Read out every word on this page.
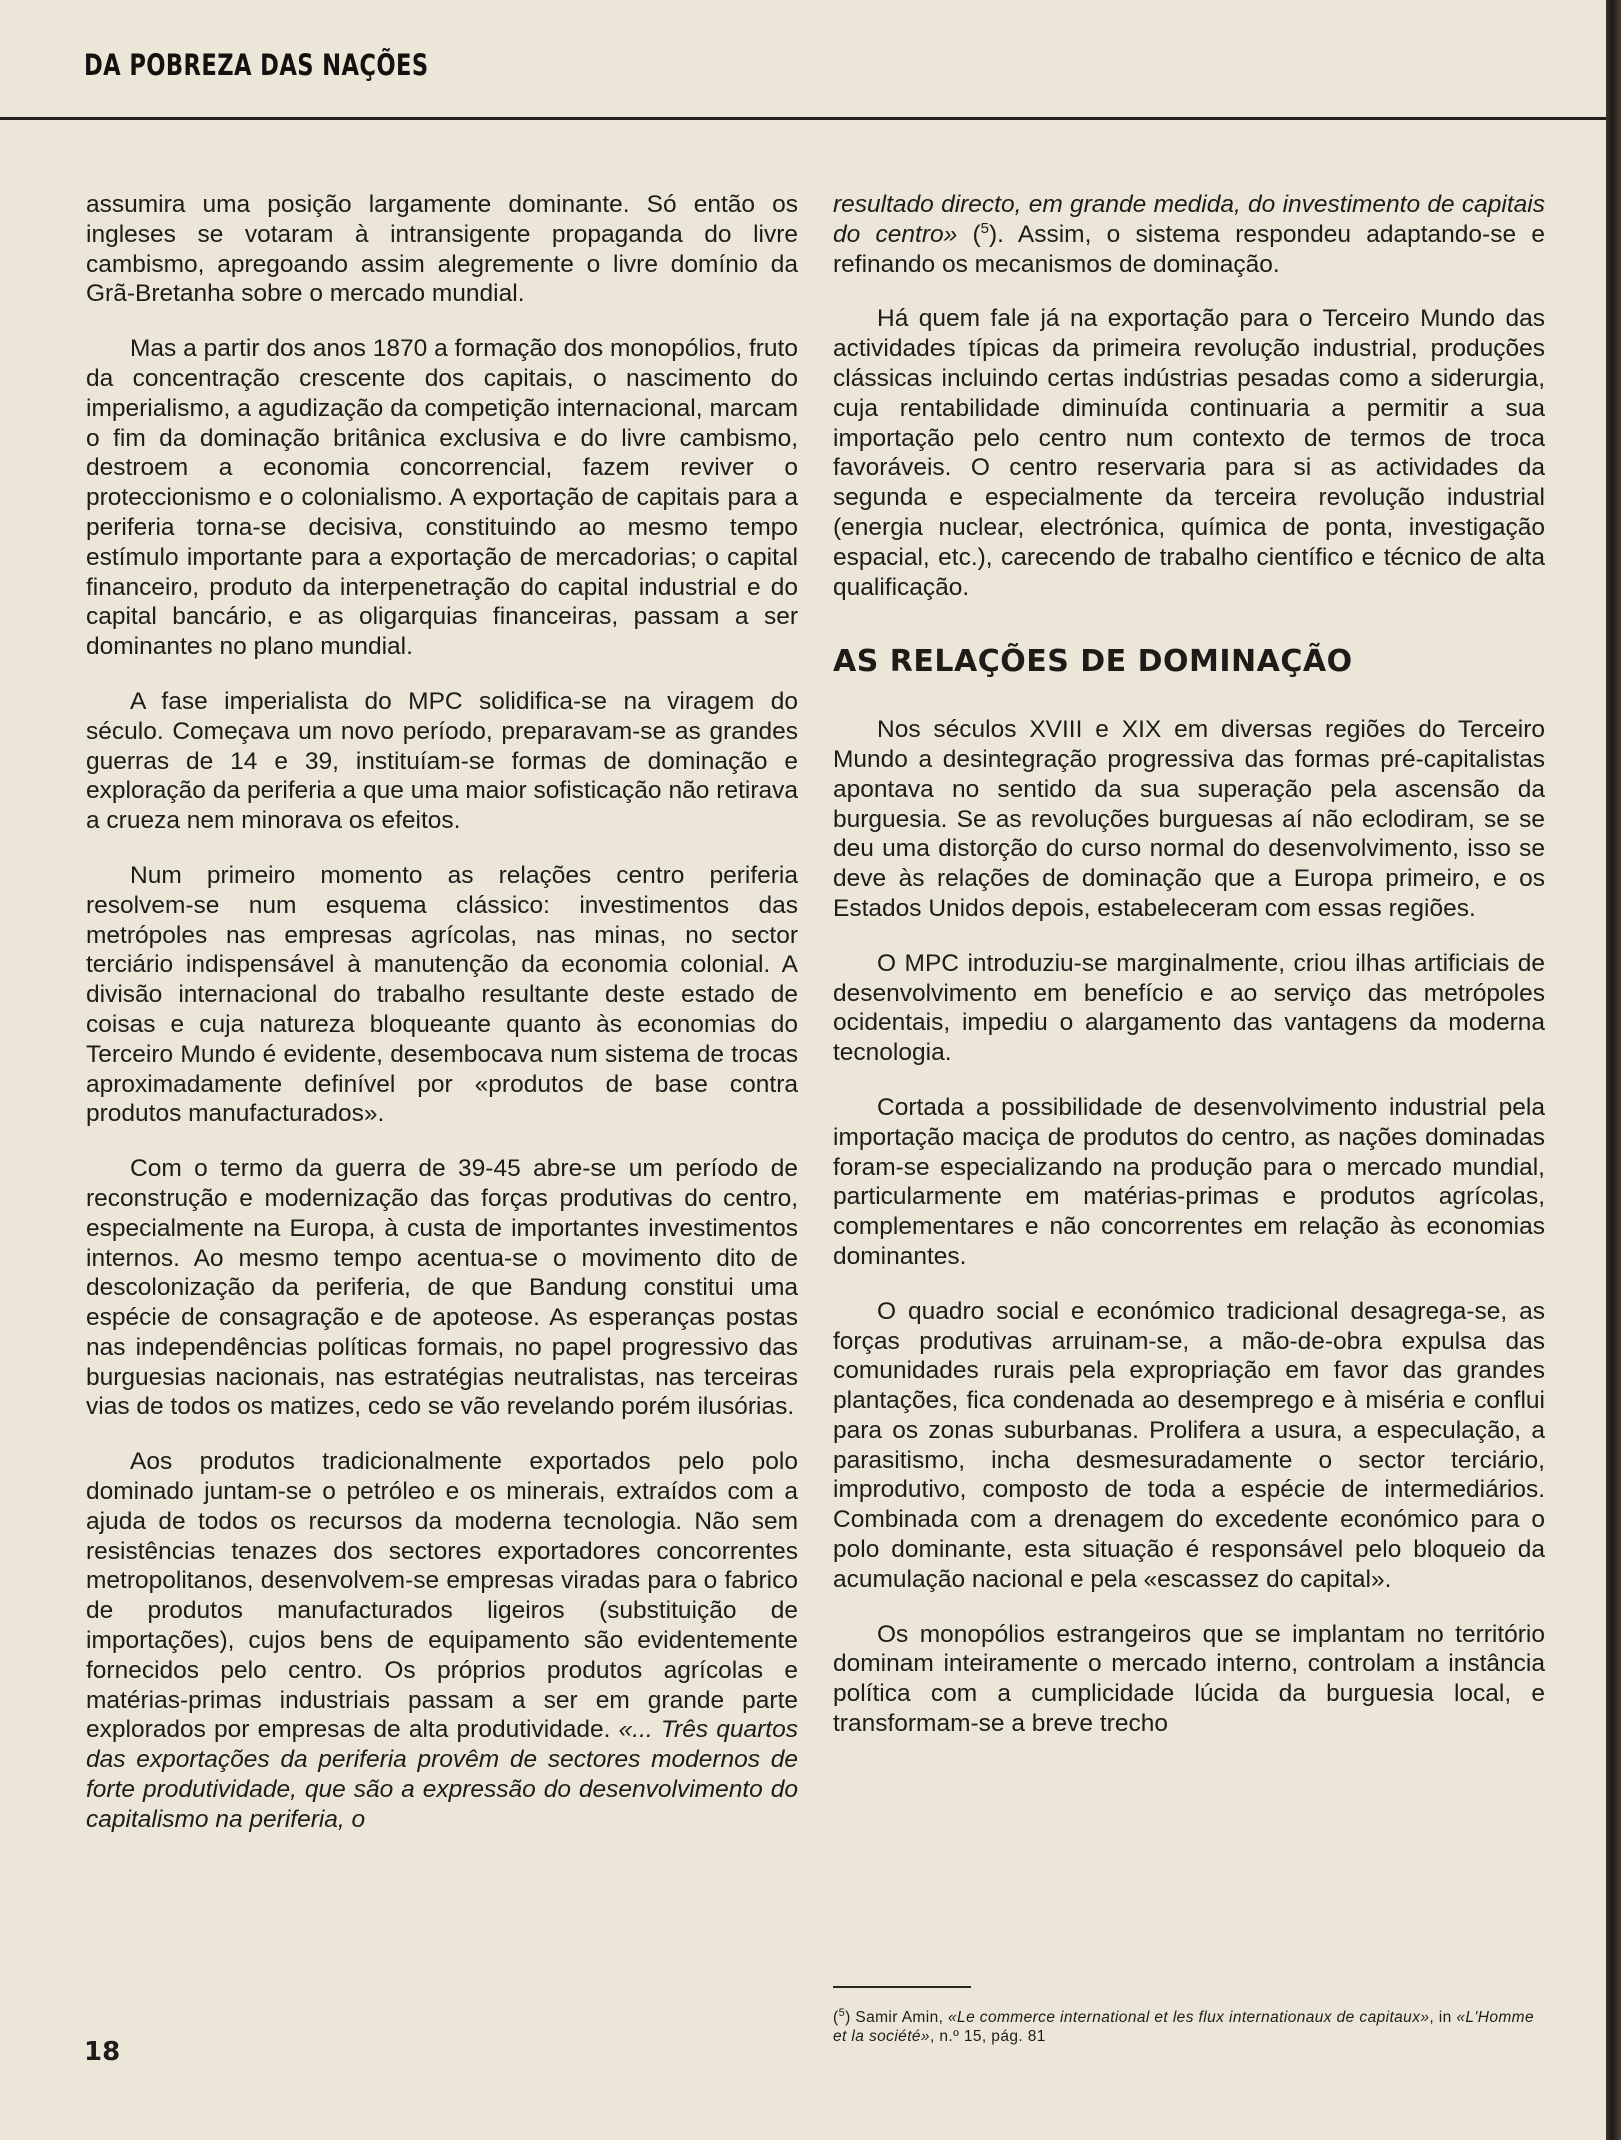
DA POBREZA DAS NAÇÕES

assumira uma posição largamente dominante. Só então os ingleses se votaram à intransigente propaganda do livre cambismo, apregoando assim alegremente o livre domínio da Grã-Bretanha sobre o mercado mundial.

Mas a partir dos anos 1870 a formação dos monopólios, fruto da concentração crescente dos capitais, o nascimento do imperialismo, a agudização da competição internacional, marcam o fim da dominação britânica exclusiva e do livre cambismo, destroem a economia concorrencial, fazem reviver o proteccionismo e o colonialismo. A exportação de capitais para a periferia torna-se decisiva, constituindo ao mesmo tempo estímulo importante para a exportação de mercadorias; o capital financeiro, produto da interpenetração do capital industrial e do capital bancário, e as oligarquias financeiras, passam a ser dominantes no plano mundial.

A fase imperialista do MPC solidifica-se na viragem do século. Começava um novo período, preparavam-se as grandes guerras de 14 e 39, instituíam-se formas de dominação e exploração da periferia a que uma maior sofisticação não retirava a crueza nem minorava os efeitos.

Num primeiro momento as relações centro periferia resolvem-se num esquema clássico: investimentos das metrópoles nas empresas agrícolas, nas minas, no sector terciário indispensável à manutenção da economia colonial. A divisão internacional do trabalho resultante deste estado de coisas e cuja natureza bloqueante quanto às economias do Terceiro Mundo é evidente, desembocava num sistema de trocas aproximadamente definível por «produtos de base contra produtos manufacturados».

Com o termo da guerra de 39-45 abre-se um período de reconstrução e modernização das forças produtivas do centro, especialmente na Europa, à custa de importantes investimentos internos. Ao mesmo tempo acentua-se o movimento dito de descolonização da periferia, de que Bandung constitui uma espécie de consagração e de apoteose. As esperanças postas nas independências políticas formais, no papel progressivo das burguesias nacionais, nas estratégias neutralistas, nas terceiras vias de todos os matizes, cedo se vão revelando porém ilusórias.

Aos produtos tradicionalmente exportados pelo polo dominado juntam-se o petróleo e os minerais, extraídos com a ajuda de todos os recursos da moderna tecnologia. Não sem resistências tenazes dos sectores exportadores concorrentes metropolitanos, desenvolvem-se empresas viradas para o fabrico de produtos manufacturados ligeiros (substituição de importações), cujos bens de equipamento são evidentemente fornecidos pelo centro. Os próprios produtos agrícolas e matérias-primas industriais passam a ser em grande parte explorados por empresas de alta produtividade. «... Três quartos das exportações da periferia provêm de sectores modernos de forte produtividade, que são a expressão do desenvolvimento do capitalismo na periferia, o

resultado directo, em grande medida, do investimento de capitais do centro» ($^5$). Assim, o sistema respondeu adaptando-se e refinando os mecanismos de dominação.

Há quem fale já na exportação para o Terceiro Mundo das actividades típicas da primeira revolução industrial, produções clássicas incluindo certas indústrias pesadas como a siderurgia, cuja rentabilidade diminuída continuaria a permitir a sua importação pelo centro num contexto de termos de troca favoráveis. O centro reservaria para si as actividades da segunda e especialmente da terceira revolução industrial (energia nuclear, electrónica, química de ponta, investigação espacial, etc.), carecendo de trabalho científico e técnico de alta qualificação.

AS RELAÇÕES DE DOMINAÇÃO

Nos séculos XVIII e XIX em diversas regiões do Terceiro Mundo a desintegração progressiva das formas pré-capitalistas apontava no sentido da sua superação pela ascensão da burguesia. Se as revoluções burguesas aí não eclodiram, se se deu uma distorção do curso normal do desenvolvimento, isso se deve às relações de dominação que a Europa primeiro, e os Estados Unidos depois, estabeleceram com essas regiões.

O MPC introduziu-se marginalmente, criou ilhas artificiais de desenvolvimento em benefício e ao serviço das metrópoles ocidentais, impediu o alargamento das vantagens da moderna tecnologia.

Cortada a possibilidade de desenvolvimento industrial pela importação maciça de produtos do centro, as nações dominadas foram-se especializando na produção para o mercado mundial, particularmente em matérias-primas e produtos agrícolas, complementares e não concorrentes em relação às economias dominantes.

O quadro social e económico tradicional desagrega-se, as forças produtivas arruinam-se, a mão-de-obra expulsa das comunidades rurais pela expropriação em favor das grandes plantações, fica condenada ao desemprego e à miséria e conflui para os zonas suburbanas. Prolifera a usura, a especulação, a parasitismo, incha desmesuradamente o sector terciário, improdutivo, composto de toda a espécie de intermediários. Combinada com a drenagem do excedente económico para o polo dominante, esta situação é responsável pelo bloqueio da acumulação nacional e pela «escassez do capital».

Os monopólios estrangeiros que se implantam no território dominam inteiramente o mercado interno, controlam a instância política com a cumplicidade lúcida da burguesia local, e transformam-se a breve trecho

($^5$) Samir Amin, «Le commerce international et les flux internationaux de capitaux», in «L'Homme et la société», n.º 15, pág. 81
18
